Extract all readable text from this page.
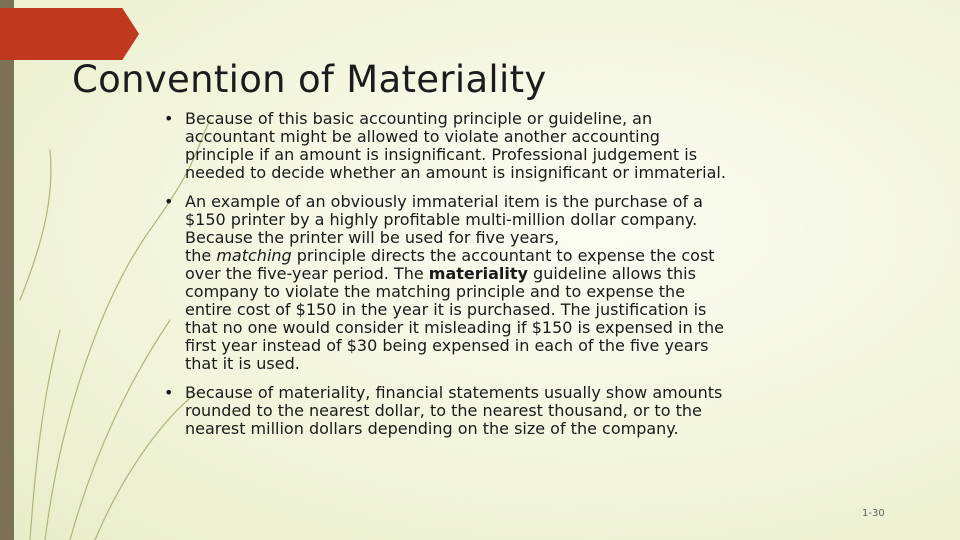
Convention of Materiality
• Because of this basic accounting principle or guideline, an
accountant might be allowed to violate another accounting
principle if an amount is insignificant. Professional judgement is
needed to decide whether an amount is insignificant or immaterial.
• An example of an obviously immaterial item is the purchase of a
$150 printer by a highly profitable multi-million dollar company.
Because the printer will be used for five years,
the matching principle directs the accountant to expense the cost
over the five-year period. The materiality guideline allows this
company to violate the matching principle and to expense the
entire cost of $150 in the year it is purchased. The justification is
that no one would consider it misleading if $150 is expensed in the
first year instead of $30 being expensed in each of the five years
that it is used.
• Because of materiality, financial statements usually show amounts
rounded to the nearest dollar, to the nearest thousand, or to the
nearest million dollars depending on the size of the company.
1-30
